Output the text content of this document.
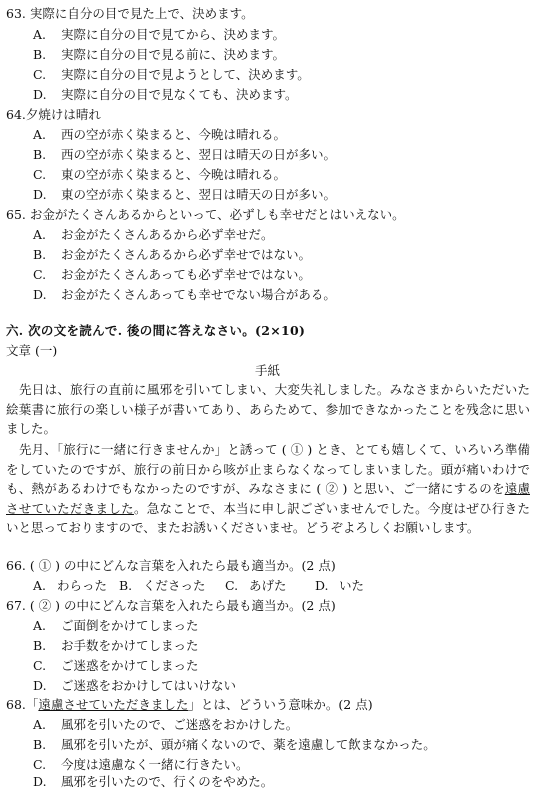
63. 実際に自分の目で見た上で、決めます。
A. 実際に自分の目で見てから、決めます。
B. 実際に自分の目で見る前に、決めます。
C. 実際に自分の目で見ようとして、決めます。
D. 実際に自分の目で見なくても、決めます。
64.夕焼けは晴れ
A. 西の空が赤く染まると、今晩は晴れる。
B. 西の空が赤く染まると、翌日は晴天の日が多い。
C. 東の空が赤く染まると、今晩は晴れる。
D. 東の空が赤く染まると、翌日は晴天の日が多い。
65. お金がたくさんあるからといって、必ずしも幸せだとはいえない。
A. お金がたくさんあるから必ず幸せだ。
B. お金がたくさんあるから必ず幸せではない。
C. お金がたくさんあっても必ず幸せではない。
D. お金がたくさんあっても幸せでない場合がある。
六. 次の文を読んで. 後の間に答えなさい。(2×10)
文章 (一)
手紙
先日は、旅行の直前に風邪を引いてしまい、大変失礼しました。みなさまからいただいた絵葉書に旅行の楽しい様子が書いてあり、あらためて、参加できなかったことを残念に思いました。
先月、「旅行に一緒に行きませんか」と誘って ( ① ) とき、とても嬉しくて、いろいろ準備をしていたのですが、旅行の前日から咳が止まらなくなってしまいました。頭が痛いわけでも、熱があるわけでもなかったのですが、みなさまに ( ② ) と思い、ご一緒にするのを遠慮させていただきました。急なことで、本当に申し訳ございませんでした。今度はぜひ行きたいと思っておりますので、またお誘いくださいませ。どうぞよろしくお願いします。
66. ( ① ) の中にどんな言葉を入れたら最も適当か。(2 点)
A. わらった B. くださった C. あげた D. いた
67. ( ② ) の中にどんな言葉を入れたら最も適当か。(2 点)
A. ご面倒をかけてしまった
B. お手数をかけてしまった
C. ご迷惑をかけてしまった
D. ご迷惑をおかけしてはいけない
68.「遠慮させていただきました」とは、どういう意味か。(2 点)
A. 風邪を引いたので、ご迷惑をおかけした。
B. 風邪を引いたが、頭が痛くないので、薬を遠慮して飲まなかった。
C. 今度は遠慮なく一緒に行きたい。
D. 風邪を引いたので、行くのをやめた。
